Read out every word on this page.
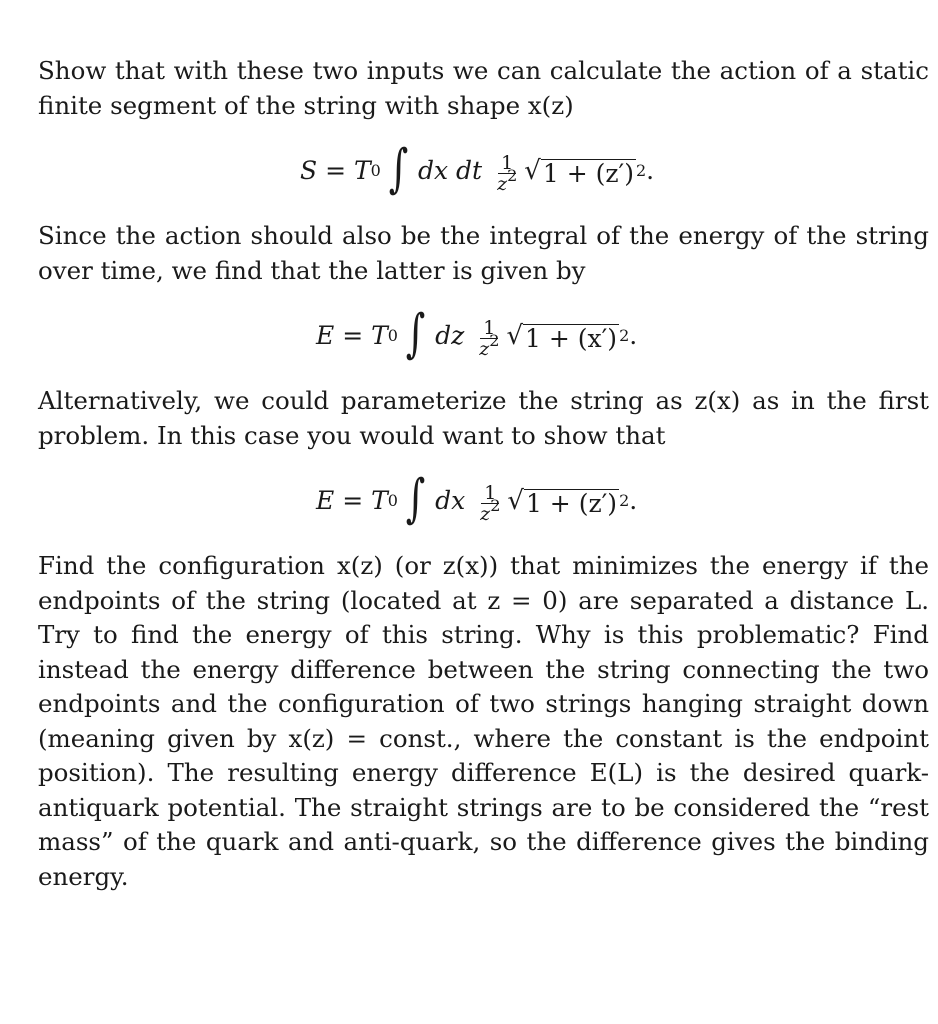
Show that with these two inputs we can calculate the action of a static finite segment of the string with shape x(z)

S = T 0 ∫ dx dt $\frac{1}{z^2}$ √ 1 + (z′) 2 .

Since the action should also be the integral of the energy of the string over time, we find that the latter is given by

E = T 0 ∫ dz $\frac{1}{z^2}$ √ 1 + (x′) 2 .

Alternatively, we could parameterize the string as z(x) as in the first problem. In this case you would want to show that

E = T 0 ∫ dx $\frac{1}{z^2}$ √ 1 + (z′) 2 .

Find the configuration x(z) (or z(x)) that minimizes the energy if the endpoints of the string (located at z = 0) are separated a distance L. Try to find the energy of this string. Why is this problematic? Find instead the energy difference between the string connecting the two endpoints and the configuration of two strings hanging straight down (meaning given by x(z) = const., where the constant is the endpoint position). The resulting energy difference E(L) is the desired quark-antiquark potential. The straight strings are to be considered the “rest mass” of the quark and anti-quark, so the difference gives the binding energy.
